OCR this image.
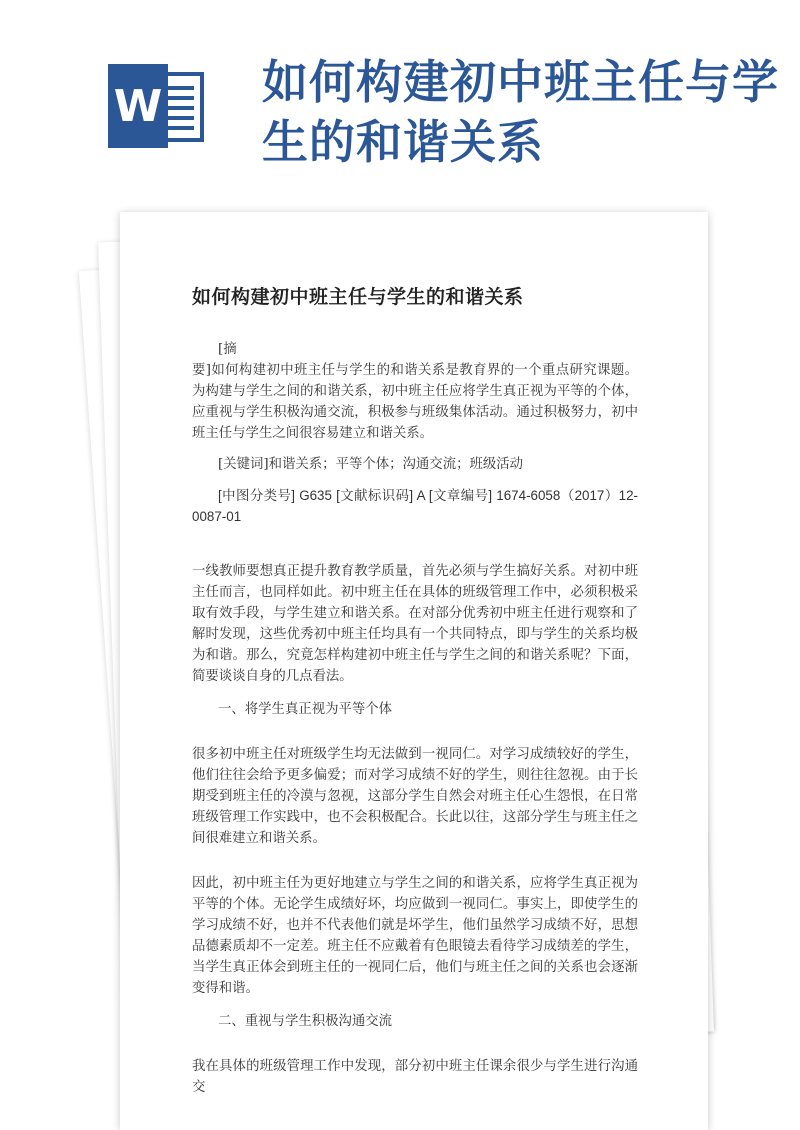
W 如何构建初中班主任与学生的和谐关系
如何构建初中班主任与学生的和谐关系
[摘

要]如何构建初中班主任与学生的和谐关系是教育界的一个重点研究课题。为构建与学生之间的和谐关系，初中班主任应将学生真正视为平等的个体，应重视与学生积极沟通交流，积极参与班级集体活动。通过积极努力，初中班主任与学生之间很容易建立和谐关系。

[关键词]和谐关系；平等个体；沟通交流；班级活动

[中图分类号] G635 [文献标识码] A [文章编号] 1674-6058（2017）12-0087-01

一线教师要想真正提升教育教学质量，首先必须与学生搞好关系。对初中班主任而言，也同样如此。初中班主任在具体的班级管理工作中，必须积极采取有效手段，与学生建立和谐关系。在对部分优秀初中班主任进行观察和了解时发现，这些优秀初中班主任均具有一个共同特点，即与学生的关系均极为和谐。那么，究竟怎样构建初中班主任与学生之间的和谐关系呢？下面，简要谈谈自身的几点看法。

一、将学生真正视为平等个体

很多初中班主任对班级学生均无法做到一视同仁。对学习成绩较好的学生，他们往往会给予更多偏爱；而对学习成绩不好的学生，则往往忽视。由于长期受到班主任的冷漠与忽视，这部分学生自然会对班主任心生怨恨，在日常班级管理工作实践中，也不会积极配合。长此以往，这部分学生与班主任之间很难建立和谐关系。

因此，初中班主任为更好地建立与学生之间的和谐关系，应将学生真正视为平等的个体。无论学生成绩好坏，均应做到一视同仁。事实上，即使学生的学习成绩不好，也并不代表他们就是坏学生，他们虽然学习成绩不好，思想品德素质却不一定差。班主任不应戴着有色眼镜去看待学习成绩差的学生，当学生真正体会到班主任的一视同仁后，他们与班主任之间的关系也会逐渐变得和谐。

二、重视与学生积极沟通交流

我在具体的班级管理工作中发现，部分初中班主任课余很少与学生进行沟通交

​
